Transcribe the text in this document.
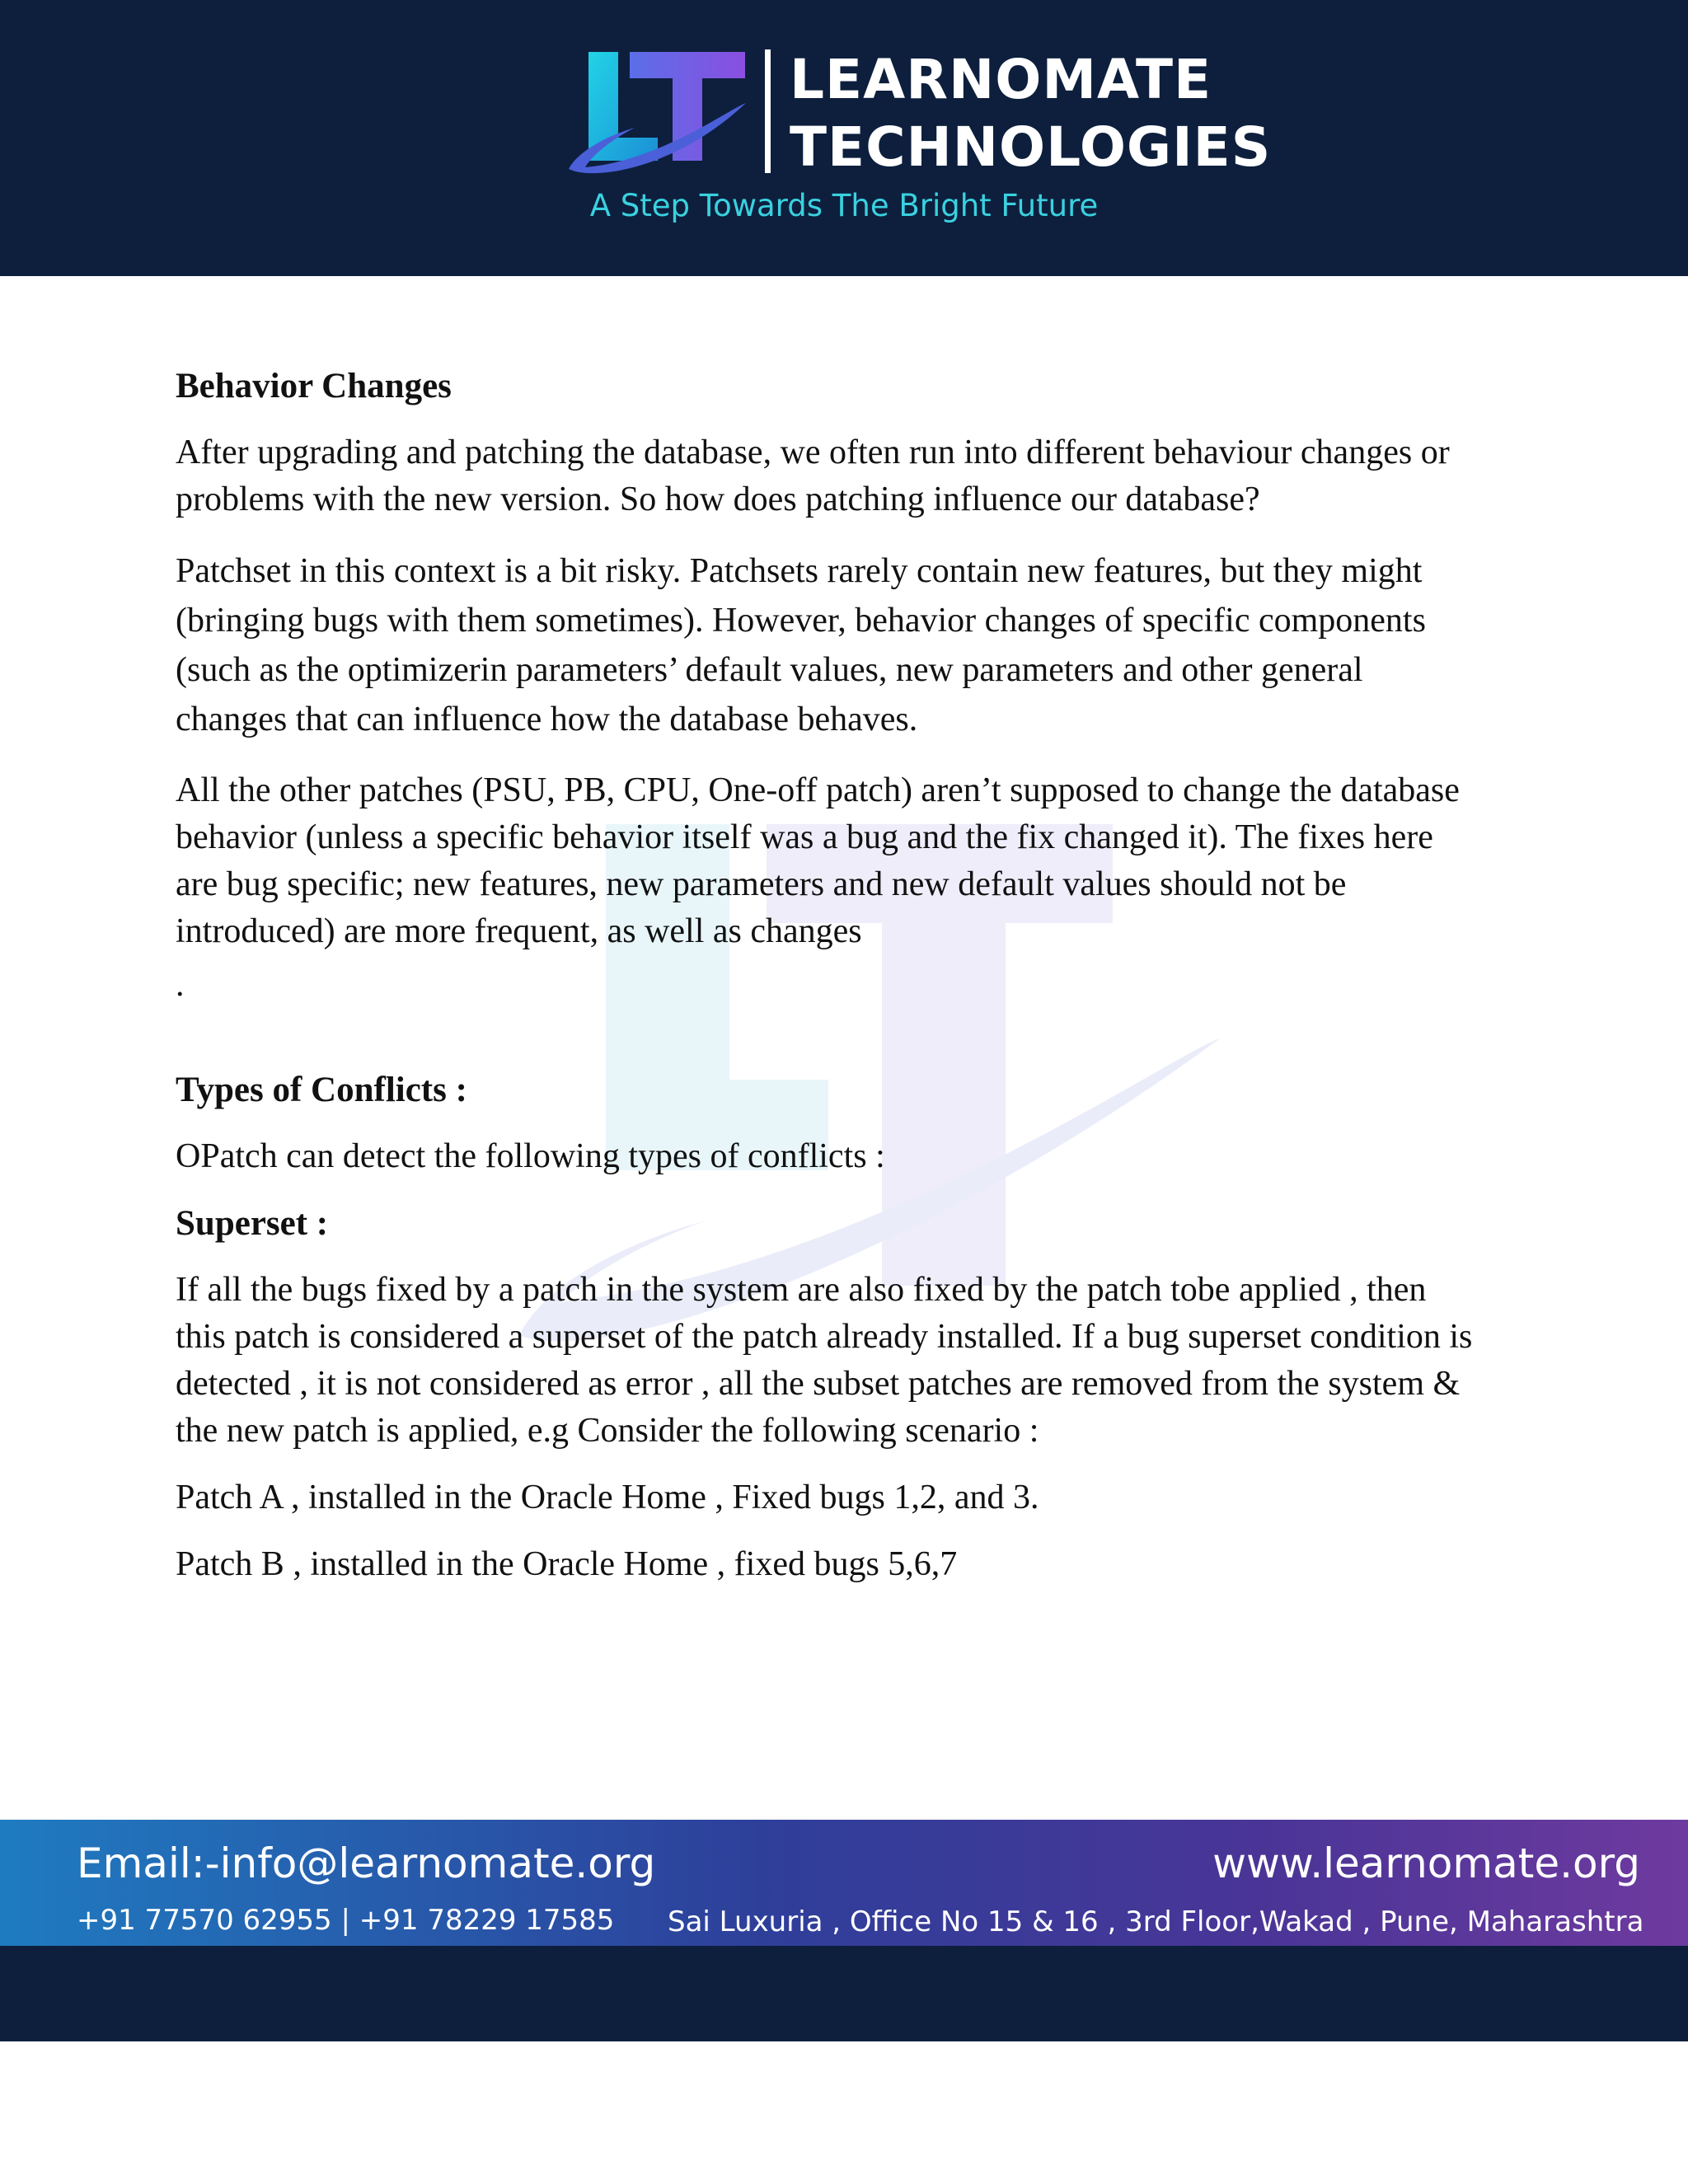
LEARNOMATE
TECHNOLOGIES
A Step Towards The Bright Future

Behavior Changes

After upgrading and patching the database, we often run into different behaviour changes or problems with the new version. So how does patching influence our database?

Patchset in this context is a bit risky. Patchsets rarely contain new features, but they might (bringing bugs with them sometimes). However, behavior changes of specific components (such as the optimizerin parameters’ default values, new parameters and other general changes that can influence how the database behaves.

All the other patches (PSU, PB, CPU, One-off patch) aren’t supposed to change the database behavior (unless a specific behavior itself was a bug and the fix changed it). The fixes here are bug specific; new features, new parameters and new default values should not be introduced) are more frequent, as well as changes

.

Types of Conflicts :

OPatch can detect the following types of conflicts :

Superset :

If all the bugs fixed by a patch in the system are also fixed by the patch tobe applied , then this patch is considered a superset of the patch already installed. If a bug superset condition is detected , it is not considered as error , all the subset patches are removed from the system & the new patch is applied, e.g Consider the following scenario :

Patch A , installed in the Oracle Home , Fixed bugs 1,2, and 3.

Patch B , installed in the Oracle Home , fixed bugs 5,6,7

Email:-info@learnomate.org	www.learnomate.org
+91 77570 62955 | +91 78229 17585 Sai Luxuria , Office No 15 & 16 , 3rd Floor,Wakad , Pune, Maharashtra
